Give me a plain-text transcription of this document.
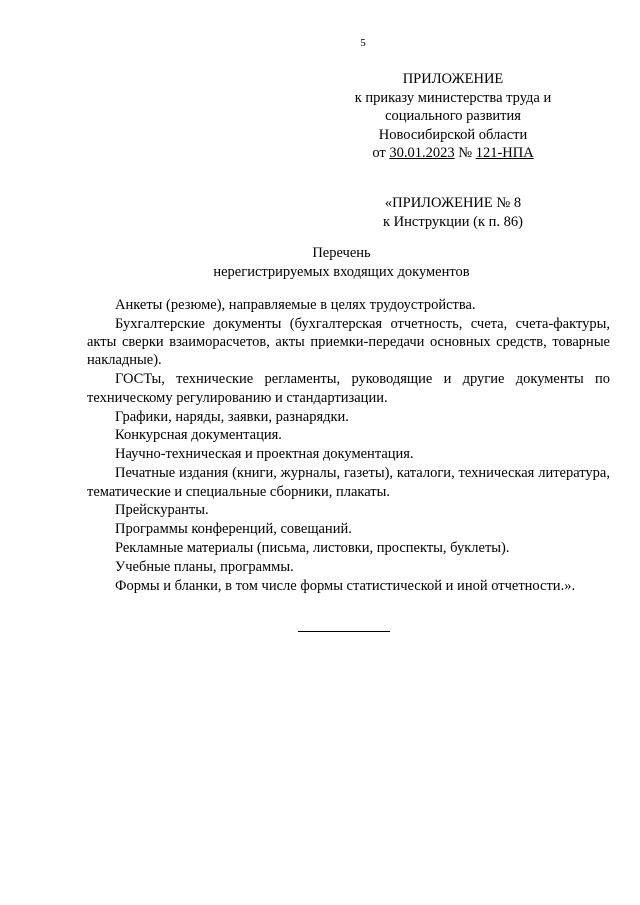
5
ПРИЛОЖЕНИЕ
к приказу министерства труда и
социального развития
Новосибирской области
от 30.01.2023 № 121-НПА
«ПРИЛОЖЕНИЕ № 8
к Инструкции (к п. 86)
Перечень
нерегистрируемых входящих документов

Анкеты (резюме), направляемые в целях трудоустройства.

Бухгалтерские документы (бухгалтерская отчетность, счета, счета-фактуры, акты сверки взаиморасчетов, акты приемки-передачи основных средств, товарные накладные).

ГОСТы, технические регламенты, руководящие и другие документы по техническому регулированию и стандартизации.

Графики, наряды, заявки, разнарядки.

Конкурсная документация.

Научно-техническая и проектная документация.

Печатные издания (книги, журналы, газеты), каталоги, техническая литература, тематические и специальные сборники, плакаты.

Прейскуранты.

Программы конференций, совещаний.

Рекламные материалы (письма, листовки, проспекты, буклеты).

Учебные планы, программы.

Формы и бланки, в том числе формы статистической и иной отчетности.».
